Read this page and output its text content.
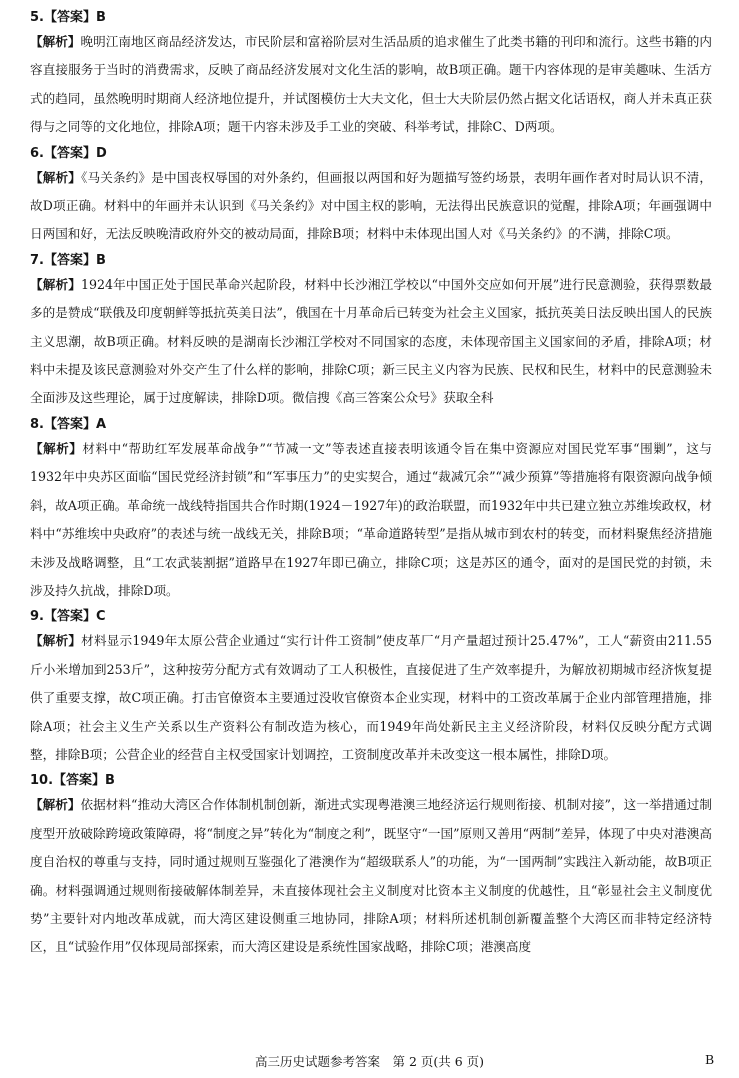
5.【答案】B

【解析】晚明江南地区商品经济发达，市民阶层和富裕阶层对生活品质的追求催生了此类书籍的刊印和流行。这些书籍的内容直接服务于当时的消费需求，反映了商品经济发展对文化生活的影响，故B项正确。题干内容体现的是审美趣味、生活方式的趋同，虽然晚明时期商人经济地位提升，并试图模仿士大夫文化，但士大夫阶层仍然占据文化话语权，商人并未真正获得与之同等的文化地位，排除A项；题干内容未涉及手工业的突破、科举考试，排除C、D两项。

6.【答案】D

【解析】《马关条约》是中国丧权辱国的对外条约，但画报以两国和好为题描写签约场景，表明年画作者对时局认识不清，故D项正确。材料中的年画并未认识到《马关条约》对中国主权的影响，无法得出民族意识的觉醒，排除A项；年画强调中日两国和好，无法反映晚清政府外交的被动局面，排除B项；材料中未体现出国人对《马关条约》的不满，排除C项。

7.【答案】B

【解析】1924年中国正处于国民革命兴起阶段，材料中长沙湘江学校以“中国外交应如何开展”进行民意测验，获得票数最多的是赞成“联俄及印度朝鲜等抵抗英美日法”，俄国在十月革命后已转变为社会主义国家，抵抗英美日法反映出国人的民族主义思潮，故B项正确。材料反映的是湖南长沙湘江学校对不同国家的态度，未体现帝国主义国家间的矛盾，排除A项；材料中未提及该民意测验对外交产生了什么样的影响，排除C项；新三民主义内容为民族、民权和民生，材料中的民意测验未全面涉及这些理论，属于过度解读，排除D项。微信搜《高三答案公众号》获取全科

8.【答案】A

【解析】材料中“帮助红军发展革命战争”“节减一文”等表述直接表明该通令旨在集中资源应对国民党军事“围剿”，这与1932年中央苏区面临“国民党经济封锁”和“军事压力”的史实契合，通过“裁减冗余”“减少预算”等措施将有限资源向战争倾斜，故A项正确。革命统一战线特指国共合作时期(1924－1927年)的政治联盟，而1932年中共已建立独立苏维埃政权，材料中“苏维埃中央政府”的表述与统一战线无关，排除B项；“革命道路转型”是指从城市到农村的转变，而材料聚焦经济措施未涉及战略调整，且“工农武装割据”道路早在1927年即已确立，排除C项；这是苏区的通令，面对的是国民党的封锁，未涉及持久抗战，排除D项。

9.【答案】C

【解析】材料显示1949年太原公营企业通过“实行计件工资制”使皮革厂“月产量超过预计25.47%”，工人“薪资由211.55斤小米增加到253斤”，这种按劳分配方式有效调动了工人积极性，直接促进了生产效率提升，为解放初期城市经济恢复提供了重要支撑，故C项正确。打击官僚资本主要通过没收官僚资本企业实现，材料中的工资改革属于企业内部管理措施，排除A项；社会主义生产关系以生产资料公有制改造为核心，而1949年尚处新民主主义经济阶段，材料仅反映分配方式调整，排除B项；公营企业的经营自主权受国家计划调控，工资制度改革并未改变这一根本属性，排除D项。

10.【答案】B

【解析】依据材料“推动大湾区合作体制机制创新，渐进式实现粤港澳三地经济运行规则衔接、机制对接”，这一举措通过制度型开放破除跨境政策障碍，将“制度之异”转化为“制度之利”，既坚守“一国”原则又善用“两制”差异，体现了中央对港澳高度自治权的尊重与支持，同时通过规则互鉴强化了港澳作为“超级联系人”的功能，为“一国两制”实践注入新动能，故B项正确。材料强调通过规则衔接破解体制差异，未直接体现社会主义制度对比资本主义制度的优越性，且“彰显社会主义制度优势”主要针对内地改革成就，而大湾区建设侧重三地协同，排除A项；材料所述机制创新覆盖整个大湾区而非特定经济特区，且“试验作用”仅体现局部探索，而大湾区建设是系统性国家战略，排除C项；港澳高度

高三历史试题参考答案　第 2 页(共 6 页)	B
